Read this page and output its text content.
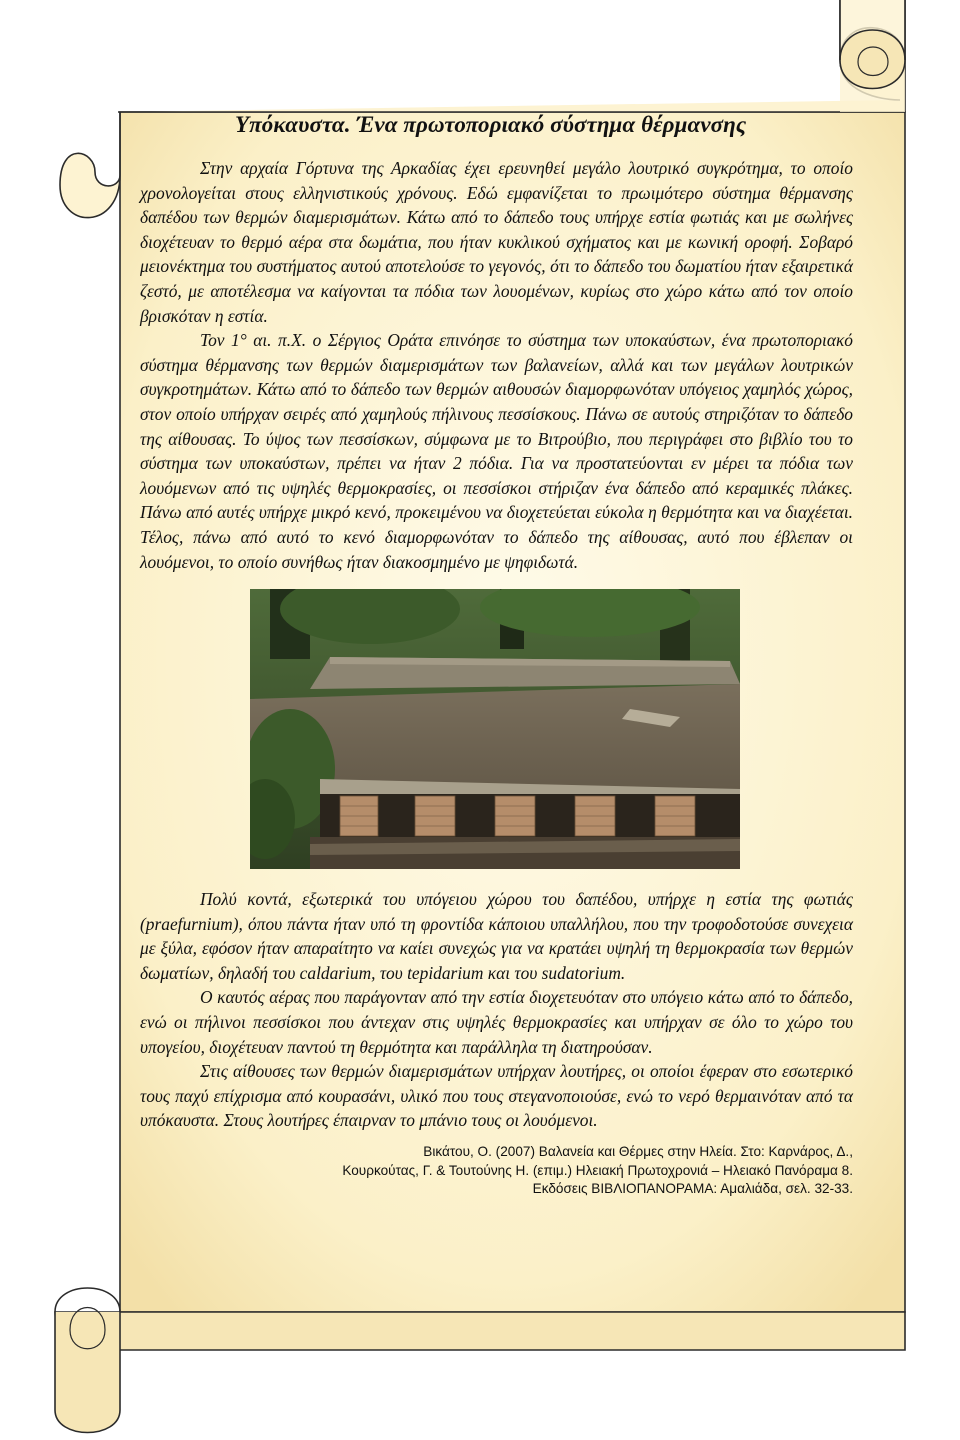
Υπόκαυστα. Ένα πρωτοποριακό σύστημα θέρμανσης

Στην αρχαία Γόρτυνα της Αρκαδίας έχει ερευνηθεί μεγάλο λουτρικό συγκρότημα, το οποίο χρονολογείται στους ελληνιστικούς χρόνους. Εδώ εμφανίζεται το πρωιμότερο σύστημα θέρμανσης δαπέδου των θερμών διαμερισμάτων. Κάτω από το δάπεδο τους υπήρχε εστία φωτιάς και με σωλήνες διοχέτευαν το θερμό αέρα στα δωμάτια, που ήταν κυκλικού σχήματος και με κωνική οροφή. Σοβαρό μειονέκτημα του συστήματος αυτού αποτελούσε το γεγονός, ότι το δάπεδο του δωματίου ήταν εξαιρετικά ζεστό, με αποτέλεσμα να καίγονται τα πόδια των λουομένων, κυρίως στο χώρο κάτω από τον οποίο βρισκόταν η εστία.

Τον 1° αι. π.Χ. ο Σέργιος Οράτα επινόησε το σύστημα των υποκαύστων, ένα πρωτοποριακό σύστημα θέρμανσης των θερμών διαμερισμάτων των βαλανείων, αλλά και των μεγάλων λουτρικών συγκροτημάτων. Κάτω από το δάπεδο των θερμών αιθουσών διαμορφωνόταν υπόγειος χαμηλός χώρος, στον οποίο υπήρχαν σειρές από χαμηλούς πήλινους πεσσίσκους. Πάνω σε αυτούς στηριζόταν το δάπεδο της αίθουσας. Το ύψος των πεσσίσκων, σύμφωνα με το Βιτρούβιο, που περιγράφει στο βιβλίο του το σύστημα των υποκαύστων, πρέπει να ήταν 2 πόδια. Για να προστατεύονται εν μέρει τα πόδια των λουόμενων από τις υψηλές θερμοκρασίες, οι πεσσίσκοι στήριζαν ένα δάπεδο από κεραμικές πλάκες. Πάνω από αυτές υπήρχε μικρό κενό, προκειμένου να διοχετεύεται εύκολα η θερμότητα και να διαχέεται. Τέλος, πάνω από αυτό το κενό διαμορφωνόταν το δάπεδο της αίθουσας, αυτό που έβλεπαν οι λουόμενοι, το οποίο συνήθως ήταν διακοσμημένο με ψηφιδωτά.

Πολύ κοντά, εξωτερικά του υπόγειου χώρου του δαπέδου, υπήρχε η εστία της φωτιάς (praefurnium), όπου πάντα ήταν υπό τη φροντίδα κάποιου υπαλλήλου, που την τροφοδοτούσε συνεχεια με ξύλα, εφόσον ήταν απαραίτητο να καίει συνεχώς για να κρατάει υψηλή τη θερμοκρασία των θερμών δωματίων, δηλαδή του caldarium, του tepidarium και του sudatorium.

Ο καυτός αέρας που παράγονταν από την εστία διοχετευόταν στο υπόγειο κάτω από το δάπεδο, ενώ οι πήλινοι πεσσίσκοι που άντεχαν στις υψηλές θερμοκρασίες και υπήρχαν σε όλο το χώρο του υπογείου, διοχέτευαν παντού τη θερμότητα και παράλληλα τη διατηρούσαν.

Στις αίθουσες των θερμών διαμερισμάτων υπήρχαν λουτήρες, οι οποίοι έφεραν στο εσωτερικό τους παχύ επίχρισμα από κουρασάνι, υλικό που τους στεγανοποιούσε, ενώ το νερό θερμαινόταν από τα υπόκαυστα. Στους λουτήρες έπαιρναν το μπάνιο τους οι λουόμενοι.

Βικάτου, Ο. (2007) Βαλανεία και Θέρμες στην Ηλεία. Στο: Καρνάρος, Δ.,
Κουρκούτας, Γ. & Τουτούνης Η. (επιμ.) Ηλειακή Πρωτοχρονιά – Ηλειακό Πανόραμα 8.
Εκδόσεις ΒΙΒΛΙΟΠΑΝΟΡΑΜΑ: Αμαλιάδα, σελ. 32-33.
